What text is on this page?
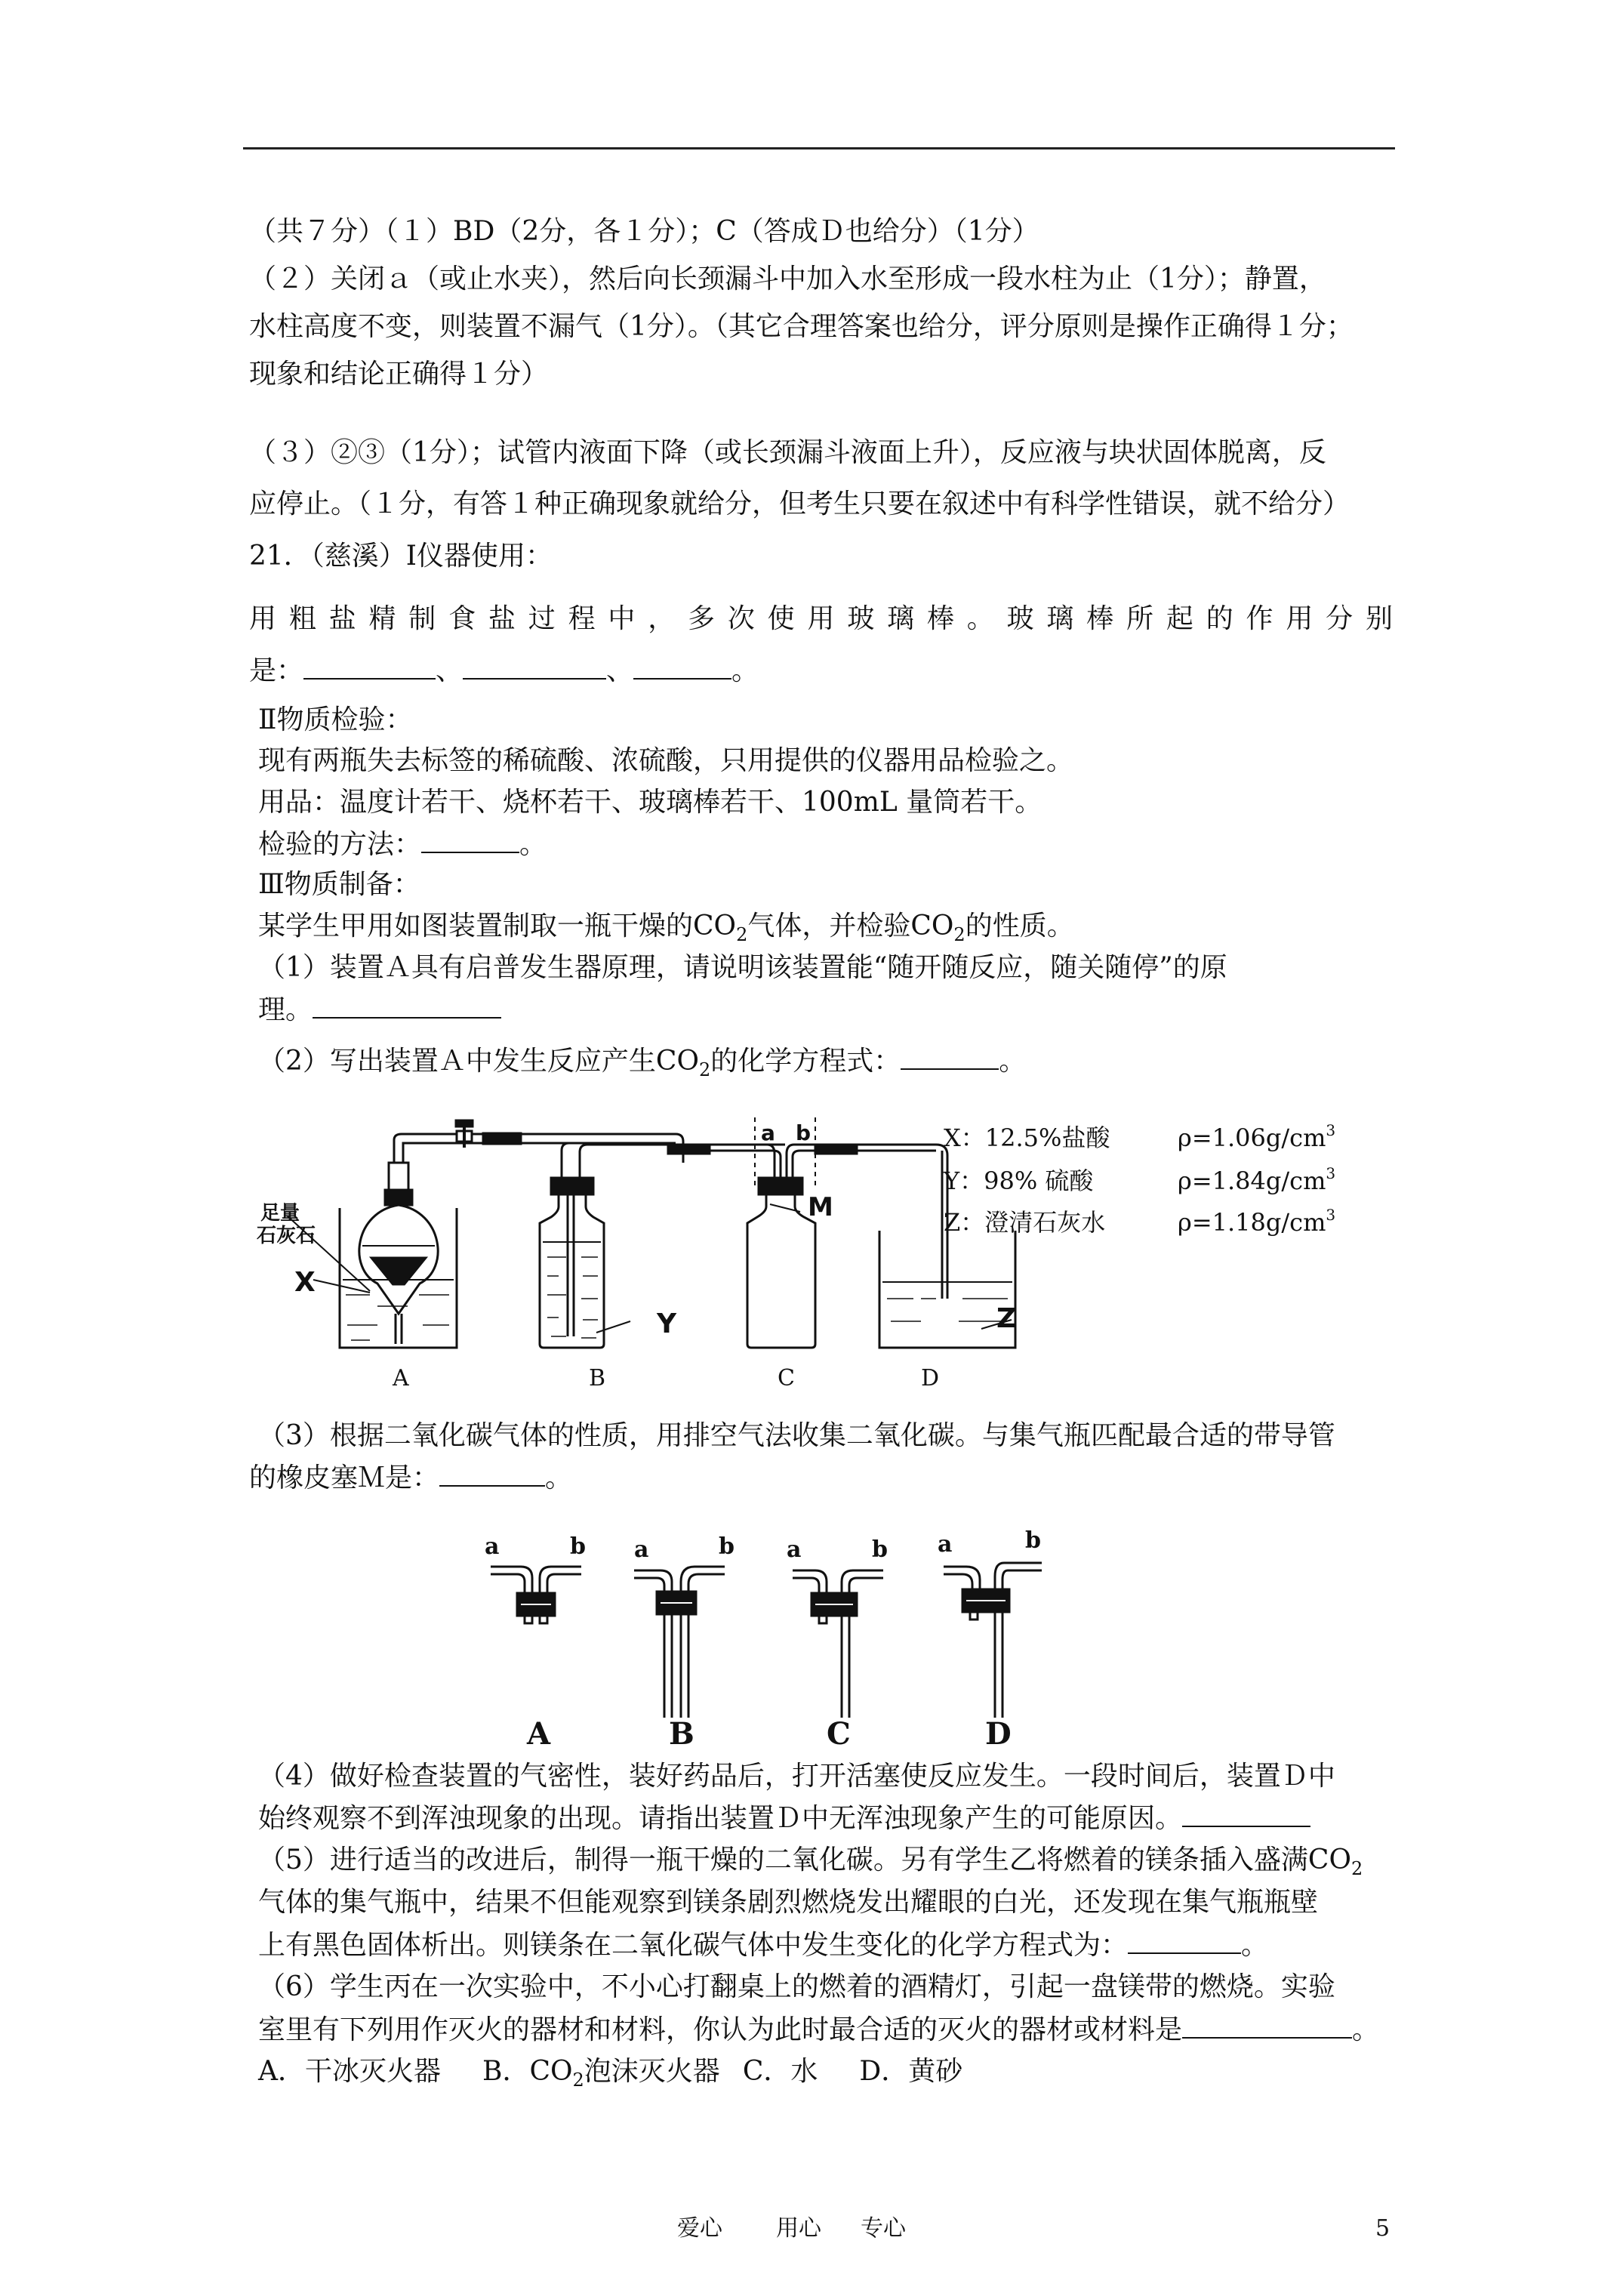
（共７分）（１）BD（2分，各１分）；C（答成Ｄ也给分）（1分）
（２）关闭ａ（或止水夹），然后向长颈漏斗中加入水至形成一段水柱为止（1分）；静置，
水柱高度不变，则装置不漏气（1分）。（其它合理答案也给分，评分原则是操作正确得１分；
现象和结论正确得１分）
（３）②③（1分）；试管内液面下降（或长颈漏斗液面上升），反应液与块状固体脱离，反
应停止。（１分，有答１种正确现象就给分，但考生只要在叙述中有科学性错误，就不给分）
21．（慈溪）Ⅰ仪器使用：
用粗盐精制食盐过程中，多次使用玻璃棒。玻璃棒所起的作用分别
是：	、	、	。
Ⅱ物质检验：
现有两瓶失去标签的稀硫酸、浓硫酸，只用提供的仪器用品检验之。
用品：温度计若干、烧杯若干、玻璃棒若干、100mL 量筒若干。
检验的方法：	。
Ⅲ物质制备：
某学生甲用如图装置制取一瓶干燥的$CO_2$气体，并检验$CO_2$的性质。
（1）装置Ａ具有启普发生器原理，请说明该装置能“随开随反应，随关随停”的原
理。
（2）写出装置Ａ中发生反应产生$CO_2$的化学方程式：	。
足量
石灰石
X
Y
M
a b
Z
A	B	C	D
X：12.5%盐酸	$\rho=1.06g/cm^3$
Y：98% 硫酸	$\rho=1.84g/cm^3$
Z：澄清石灰水	$\rho=1.18g/cm^3$
（3）根据二氧化碳气体的性质，用排空气法收集二氧化碳。与集气瓶匹配最合适的带导管
的橡皮塞Ｍ是：	。
a	b a	b a	b a	b
A	B	C	D
（4）做好检查装置的气密性，装好药品后，打开活塞使反应发生。一段时间后，装置Ｄ中
始终观察不到浑浊现象的出现。请指出装置Ｄ中无浑浊现象产生的可能原因。
（5）进行适当的改进后，制得一瓶干燥的二氧化碳。另有学生乙将燃着的镁条插入盛满$CO_2$
气体的集气瓶中，结果不但能观察到镁条剧烈燃烧发出耀眼的白光，还发现在集气瓶瓶壁
上有黑色固体析出。则镁条在二氧化碳气体中发生变化的化学方程式为：	。
（6）学生丙在一次实验中，不小心打翻桌上的燃着的酒精灯，引起一盘镁带的燃烧。实验
室里有下列用作灭火的器材和材料，你认为此时最合适的灭火的器材或材料是	。
A．干冰灭火器 B．$CO_2$泡沫灭火器 C．水 D．黄砂
爱心 用心 专心	5
